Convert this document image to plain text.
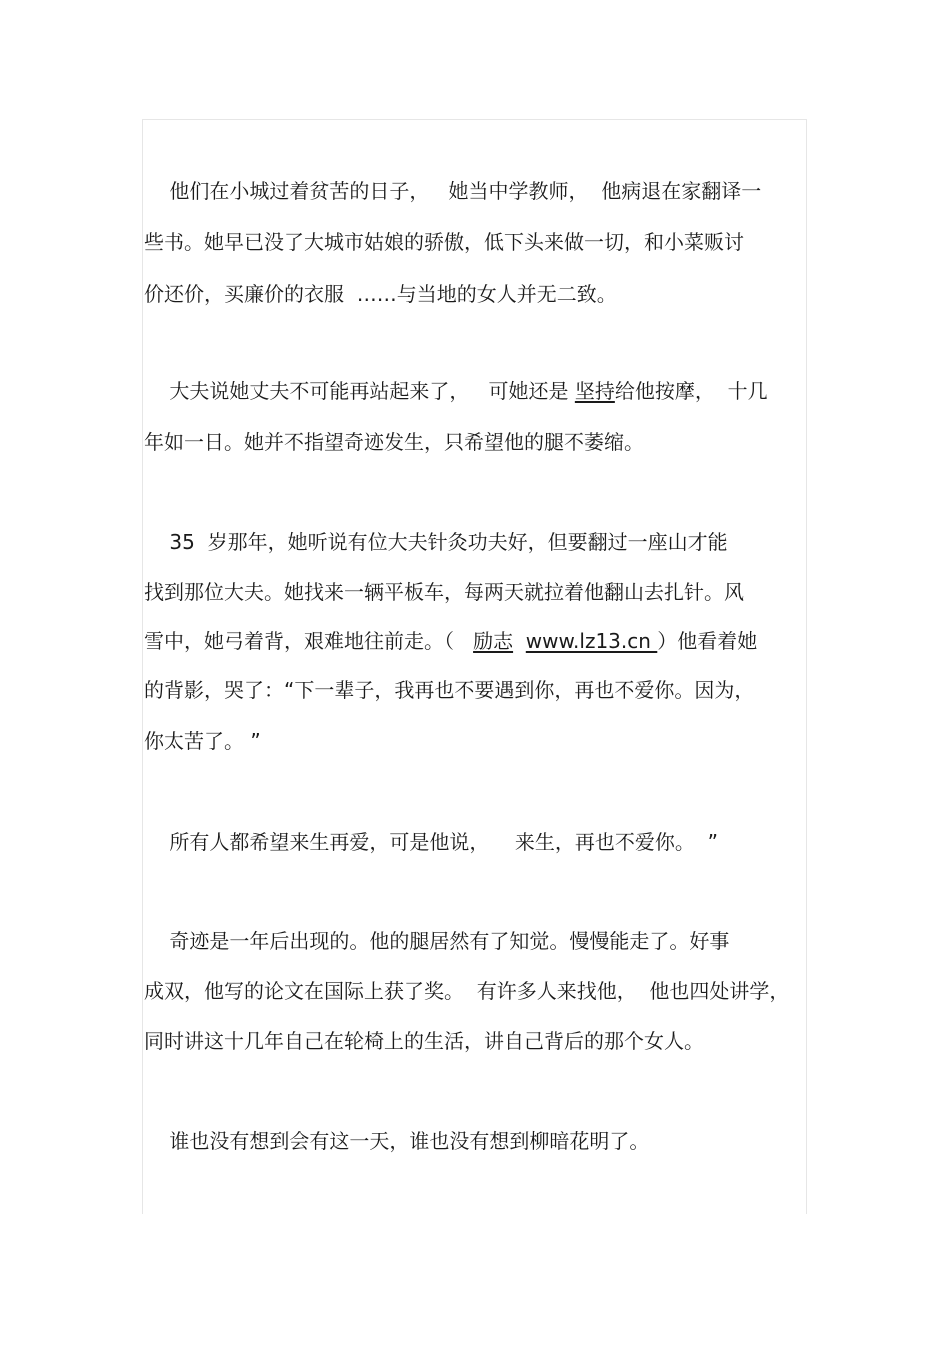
他们在小城过着贫苦的日子，   她当中学教师，  他病退在家翻译一
些书。她早已没了大城市姑娘的骄傲，低下头来做一切，和小菜贩讨
价还价，买廉价的衣服  ……与当地的女人并无二致。
大夫说她丈夫不可能再站起来了，   可她还是 坚持给他按摩，  十几
年如一日。她并不指望奇迹发生，只希望他的腿不萎缩。
35  岁那年，她听说有位大夫针灸功夫好，但要翻过一座山才能
找到那位大夫。她找来一辆平板车，每两天就拉着他翻山去扎针。风
雪中，她弓着背，艰难地往前走。（   励志 www.lz13.cn ）他看着她
的背影，哭了：“下一辈子，我再也不要遇到你，再也不爱你。因为，
你太苦了。 ”
所有人都希望来生再爱，可是他说，    来生，再也不爱你。  ”
奇迹是一年后出现的。他的腿居然有了知觉。慢慢能走了。好事
成双，他写的论文在国际上获了奖。  有许多人来找他，  他也四处讲学，
同时讲这十几年自己在轮椅上的生活，讲自己背后的那个女人。
谁也没有想到会有这一天，谁也没有想到柳暗花明了。
